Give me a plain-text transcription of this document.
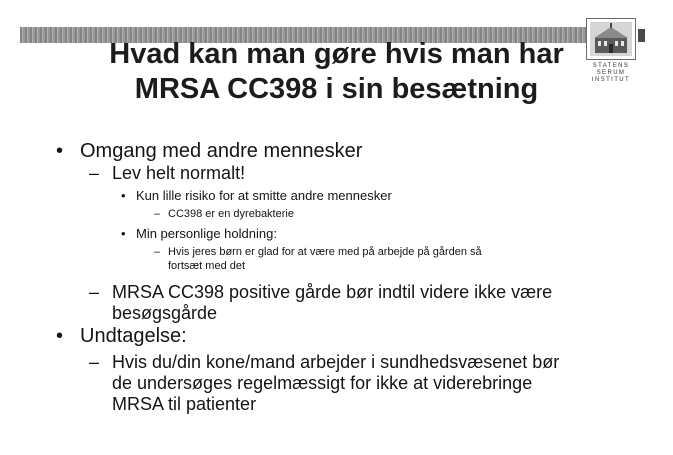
Hvad kan man gøre hvis man har
MRSA CC398 i sin besætning
STATENS
SERUM
INSTITUT

• Omgang med andre mennesker

– Lev helt normalt!

• Kun lille risiko for at smitte andre mennesker

– CC398 er en dyrebakterie

• Min personlige holdning:

– Hvis jeres børn er glad for at være med på arbejde på gården så
fortsæt med det

– MRSA CC398 positive gårde bør indtil videre ikke være
besøgsgårde

• Undtagelse:

– Hvis du/din kone/mand arbejder i sundhedsvæsenet bør
de undersøges regelmæssigt for ikke at viderebringe
MRSA til patienter
